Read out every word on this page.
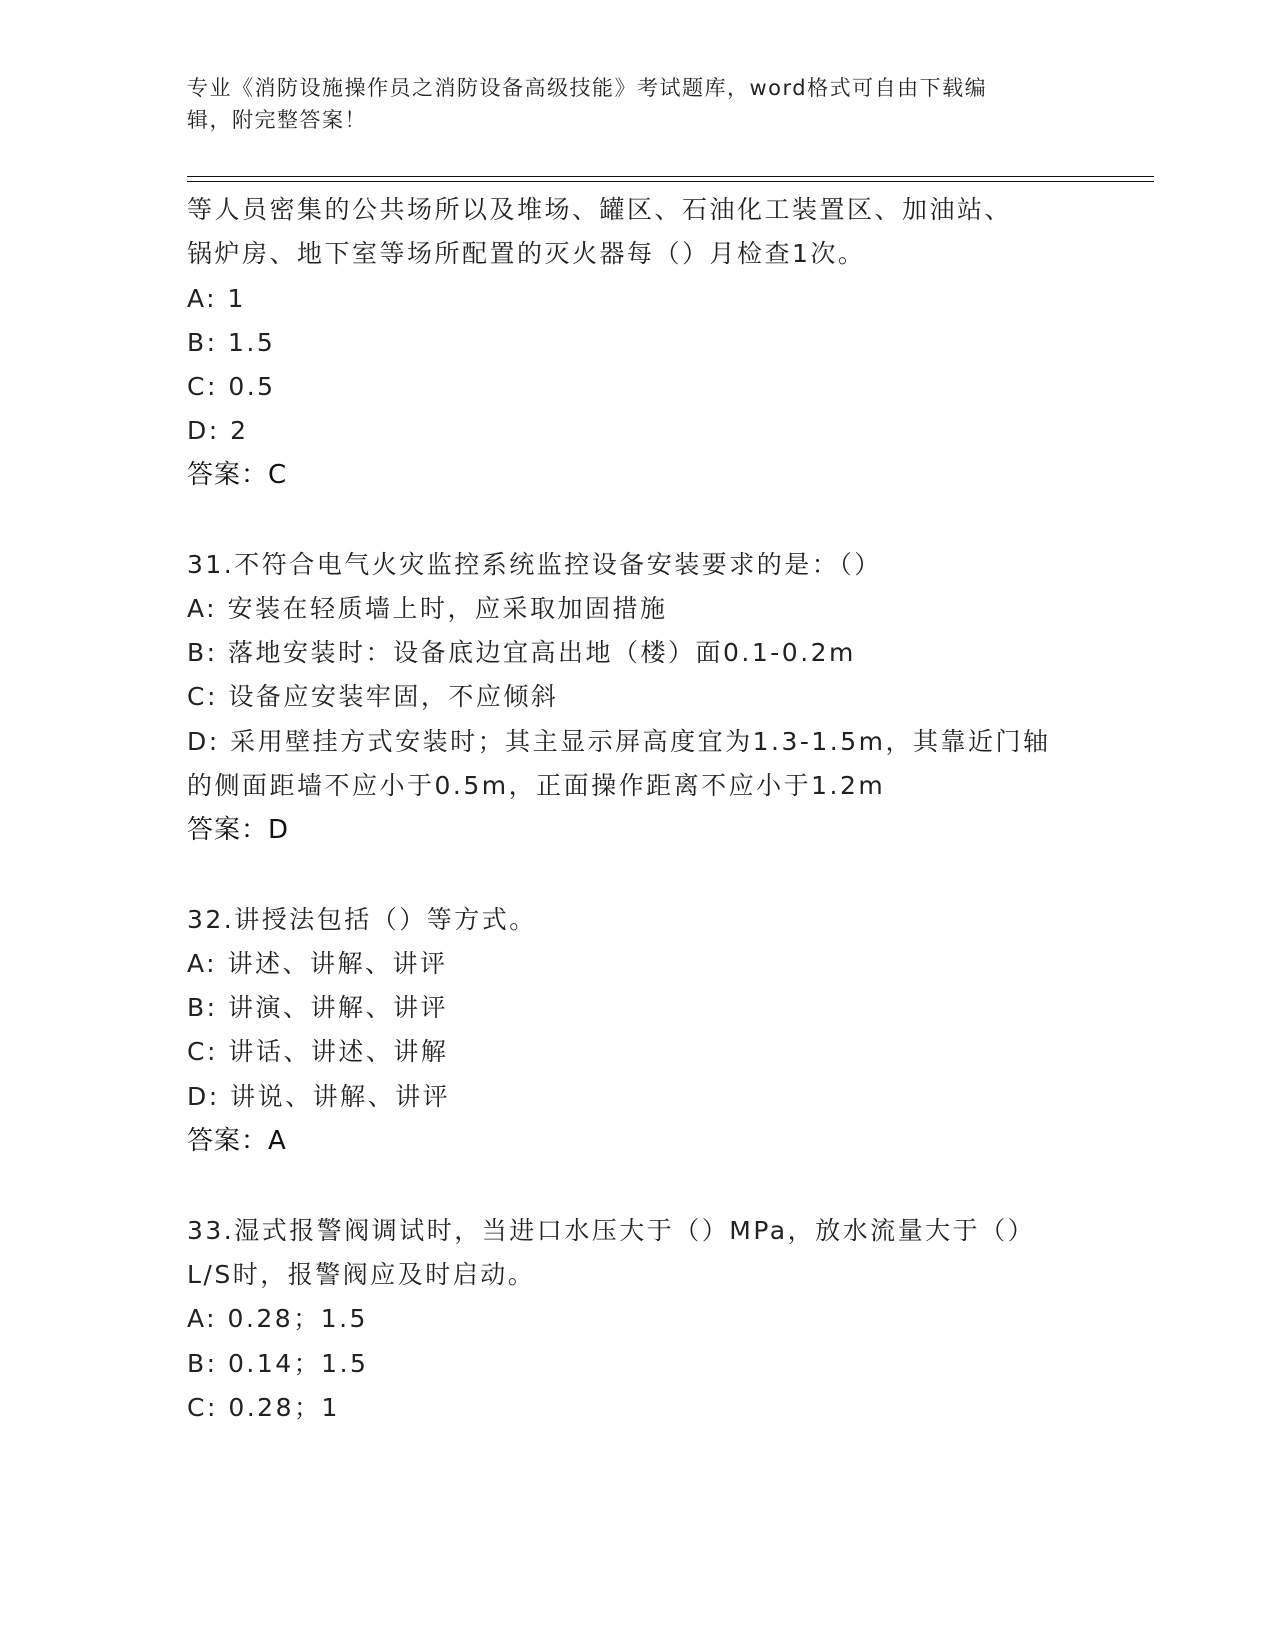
专业《消防设施操作员之消防设备高级技能》考试题库，word格式可自由下载编
辑，附完整答案！
等人员密集的公共场所以及堆场、罐区、石油化工装置区、加油站、
锅炉房、地下室等场所配置的灭火器每（）月检查1次。
A: 1
B: 1.5
C: 0.5
D: 2
答案：C
31.不符合电气火灾监控系统监控设备安装要求的是：（）
A: 安装在轻质墙上时，应采取加固措施
B: 落地安装时：设备底边宜高出地（楼）面0.1-0.2m
C: 设备应安装牢固，不应倾斜
D: 采用壁挂方式安装时；其主显示屏高度宜为1.3-1.5m，其靠近门轴
的侧面距墙不应小于0.5m，正面操作距离不应小于1.2m
答案：D
32.讲授法包括（）等方式。
A: 讲述、讲解、讲评
B: 讲演、讲解、讲评
C: 讲话、讲述、讲解
D: 讲说、讲解、讲评
答案：A
33.湿式报警阀调试时，当进口水压大于（）MPa，放水流量大于（）
L/S时，报警阀应及时启动。
A: 0.28；1.5
B: 0.14；1.5
C: 0.28；1
